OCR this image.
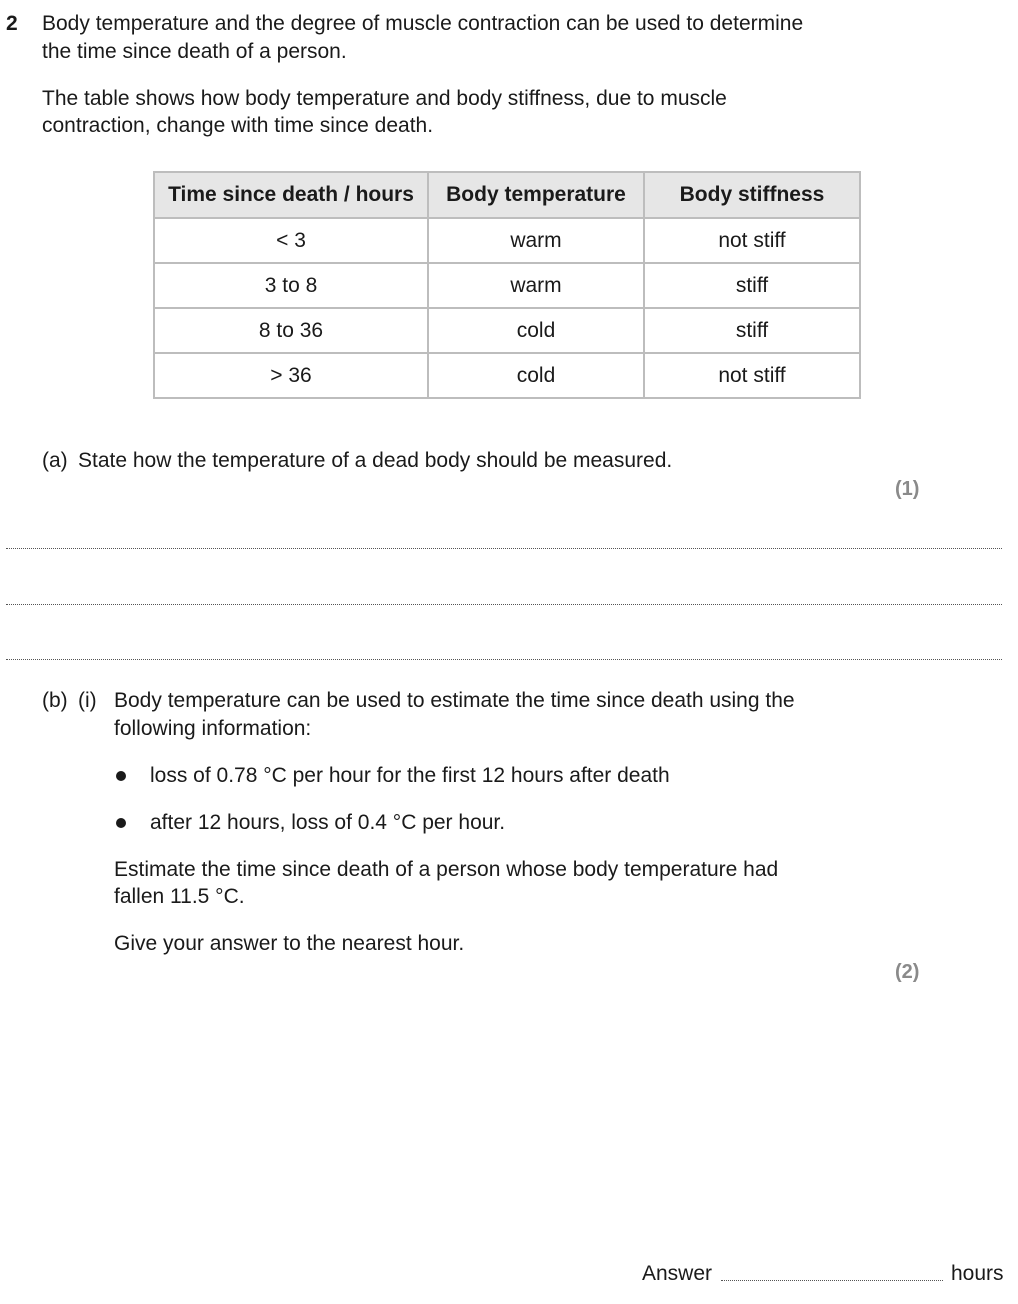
2 Body temperature and the degree of muscle contraction can be used to determine
the time since death of a person.
The table shows how body temperature and body stiffness, due to muscle
contraction, change with time since death.
Time since death / hours	Body temperature	Body stiffness
< 3	warm	not stiff
3 to 8	warm	stiff
8 to 36	cold	stiff
> 36	cold	not stiff
(a) State how the temperature of a dead body should be measured.
(1)
(b) (i) Body temperature can be used to estimate the time since death using the
following information:
loss of 0.78 °C per hour for the first 12 hours after death
after 12 hours, loss of 0.4 °C per hour.
Estimate the time since death of a person whose body temperature had
fallen 11.5 °C.
Give your answer to the nearest hour.
(2)
Answer	hours
